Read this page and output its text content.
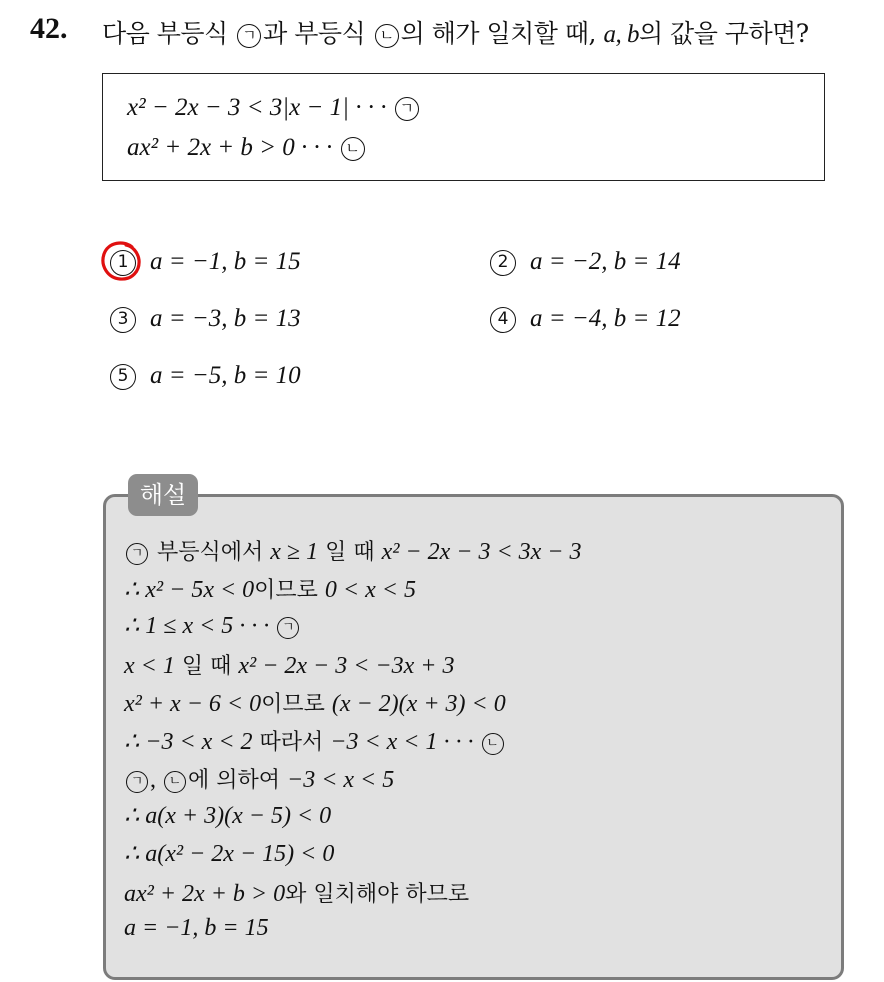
42. 다음 부등식 ㄱ 과 부등식 ㄴ 의 해가 일치할 때, a, b의 값을 구하면?
x² − 2x − 3 < 3|x − 1| · · · ㄱ
ax² + 2x + b > 0 · · · ㄴ
1 a = −1, b = 15	2 a = −2, b = 14
3 a = −3, b = 13	4 a = −4, b = 12
5 a = −5, b = 10
해설
ㄱ 부등식에서 x ≥ 1 일 때 x² − 2x − 3 < 3x − 3
∴ x² − 5x < 0이므로 0 < x < 5
∴ 1 ≤ x < 5 · · · ㄱ
x < 1 일 때 x² − 2x − 3 < −3x + 3
x² + x − 6 < 0이므로 (x − 2)(x + 3) < 0
∴ −3 < x < 2 따라서 −3 < x < 1 · · · ㄴ
ㄱ , ㄴ 에 의하여 −3 < x < 5
∴ a(x + 3)(x − 5) < 0
∴ a(x² − 2x − 15) < 0
ax² + 2x + b > 0와 일치해야 하므로
a = −1, b = 15
